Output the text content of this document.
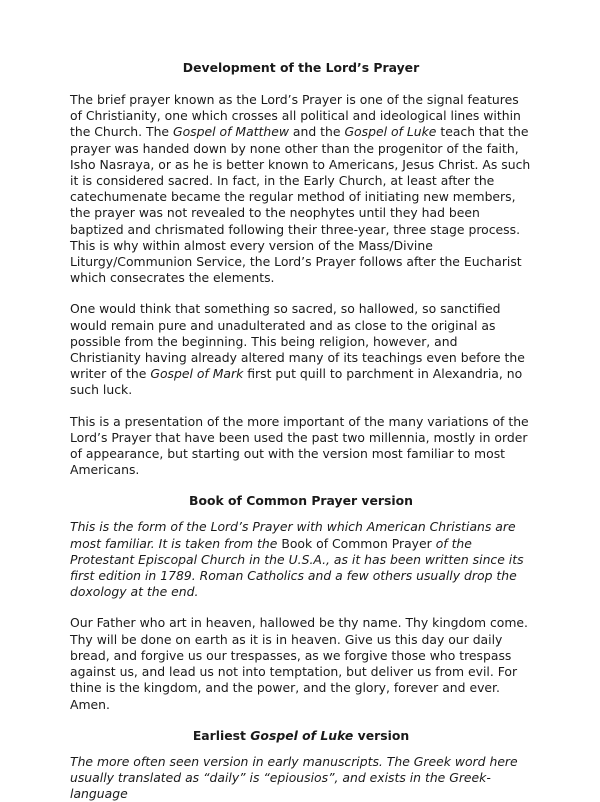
Development of the Lord’s Prayer

The brief prayer known as the Lord’s Prayer is one of the signal features of Christianity, one which crosses all political and ideological lines within the Church. The Gospel of Matthew and the Gospel of Luke teach that the prayer was handed down by none other than the progenitor of the faith, Isho Nasraya, or as he is better known to Americans, Jesus Christ. As such it is considered sacred. In fact, in the Early Church, at least after the catechumenate became the regular method of initiating new members, the prayer was not revealed to the neophytes until they had been baptized and chrismated following their three-year, three stage process. This is why within almost every version of the Mass/Divine Liturgy/Communion Service, the Lord’s Prayer follows after the Eucharist which consecrates the elements.

One would think that something so sacred, so hallowed, so sanctified would remain pure and unadulterated and as close to the original as possible from the beginning. This being religion, however, and Christianity having already altered many of its teachings even before the writer of the Gospel of Mark first put quill to parchment in Alexandria, no such luck.

This is a presentation of the more important of the many variations of the Lord’s Prayer that have been used the past two millennia, mostly in order of appearance, but starting out with the version most familiar to most Americans.

Book of Common Prayer version

This is the form of the Lord’s Prayer with which American Christians are most familiar. It is taken from the Book of Common Prayer of the Protestant Episcopal Church in the U.S.A., as it has been written since its first edition in 1789. Roman Catholics and a few others usually drop the doxology at the end.

Our Father who art in heaven, hallowed be thy name. Thy kingdom come. Thy will be done on earth as it is in heaven. Give us this day our daily bread, and forgive us our trespasses, as we forgive those who trespass against us, and lead us not into temptation, but deliver us from evil. For thine is the kingdom, and the power, and the glory, forever and ever. Amen.

Earliest Gospel of Luke version

The more often seen version in early manuscripts. The Greek word here usually translated as “daily” is “epiousios”, and exists in the Greek-language
